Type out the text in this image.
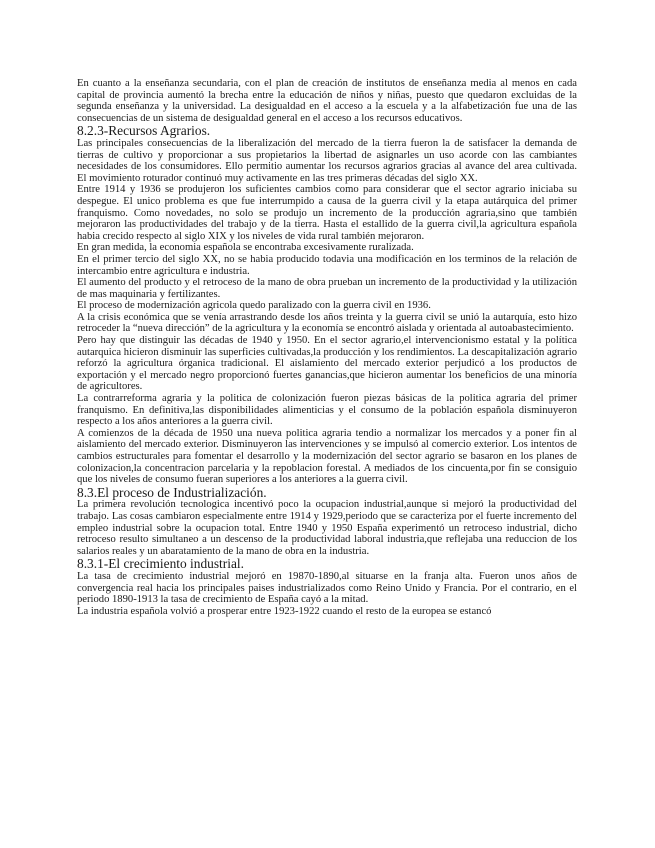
En cuanto a la enseñanza secundaria, con el plan de creación de institutos de enseñanza media al menos en cada capital de provincia aumentó la brecha entre la educación de niños y niñas, puesto que quedaron excluidas de la segunda enseñanza y la universidad. La desigualdad en el acceso a la escuela y a la alfabetización fue una de las consecuencias de un sistema de desigualdad general en el acceso a los recursos educativos.

8.2.3-Recursos Agrarios.

Las principales consecuencias de la liberalización del mercado de la tierra fueron la de satisfacer la demanda de tierras de cultivo y proporcionar a sus propietarios la libertad de asignarles un uso acorde con las cambiantes necesidades de los consumidores. Ello permitio aumentar los recursos agrarios gracias al avance del area cultivada. El movimiento roturador continuó muy activamente en las tres primeras décadas del siglo XX.

Entre 1914 y 1936 se produjeron los suficientes cambios como para considerar que el sector agrario iniciaba su despegue. El unico problema es que fue interrumpido a causa de la guerra civil y la etapa autárquica del primer franquismo. Como novedades, no solo se produjo un incremento de la producción agraria,sino que también mejoraron las productividades del trabajo y de la tierra. Hasta el estallido de la guerra civil,la agricultura española habia crecido respecto al siglo XIX y los niveles de vida rural también mejoraron.

En gran medida, la economia española se encontraba excesivamente ruralizada.

En el primer tercio del siglo XX, no se habia producido todavia una modificación en los terminos de la relación de intercambio entre agricultura e industria.

El aumento del producto y el retroceso de la mano de obra prueban un incremento de la productividad y la utilización de mas maquinaria y fertilizantes.

El proceso de modernización agricola quedo paralizado con la guerra civil en 1936.

A la crisis económica que se venía arrastrando desde los años treinta y la guerra civil se unió la autarquía, esto hizo retroceder la “nueva dirección” de la agricultura y la economía se encontró aislada y orientada al autoabastecimiento.

Pero hay que distinguir las décadas de 1940 y 1950. En el sector agrario,el intervencionismo estatal y la política autarquica hicieron disminuir las superficies cultivadas,la producción y los rendimientos. La descapitalización agrario reforzó la agricultura órganica tradicional. El aislamiento del mercado exterior perjudicó a los productos de exportación y el mercado negro proporcionó fuertes ganancias,que hicieron aumentar los beneficios de una minoría de agricultores.

La contrarreforma agraria y la politica de colonización fueron piezas básicas de la politica agraria del primer franquismo. En definitiva,las disponibilidades alimenticias y el consumo de la población española disminuyeron respecto a los años anteriores a la guerra civil.

A comienzos de la década de 1950 una nueva politica agraria tendio a normalizar los mercados y a poner fin al aislamiento del mercado exterior. Disminuyeron las intervenciones y se impulsó al comercio exterior. Los intentos de cambios estructurales para fomentar el desarrollo y la modernización del sector agrario se basaron en los planes de colonizacion,la concentracion parcelaria y la repoblacion forestal. A mediados de los cincuenta,por fin se consiguio que los niveles de consumo fueran superiores a los anteriores a la guerra civil.

8.3.El proceso de Industrialización.

La primera revolución tecnologica incentivó poco la ocupacion industrial,aunque si mejoró la productividad del trabajo. Las cosas cambiaron especialmente entre 1914 y 1929,periodo que se caracteriza por el fuerte incremento del empleo industrial sobre la ocupacion total. Entre 1940 y 1950 España experimentó un retroceso industrial, dicho retroceso resulto simultaneo a un descenso de la productividad laboral industria,que reflejaba una reduccion de los salarios reales y un abaratamiento de la mano de obra en la industria.

8.3.1-El crecimiento industrial.

La tasa de crecimiento industrial mejoró en 19870-1890,al situarse en la franja alta. Fueron unos años de convergencia real hacia los principales paises industrializados como Reino Unido y Francia. Por el contrario, en el periodo 1890-1913 la tasa de crecimiento de España cayó a la mitad.

La industria española volvió a prosperar entre 1923-1922 cuando el resto de la europea se estancó
